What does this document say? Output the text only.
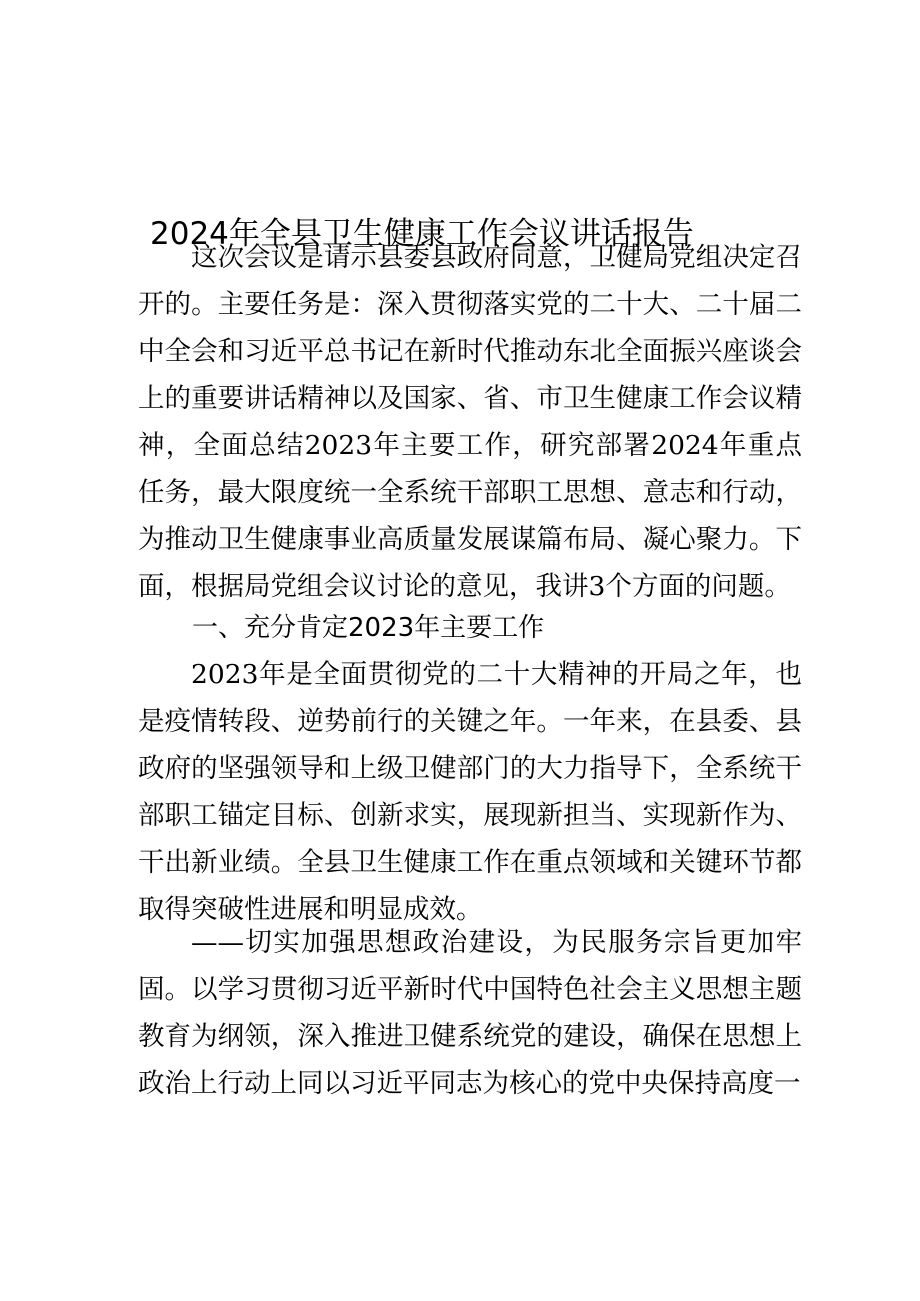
2024年全县卫生健康工作会议讲话报告

这次会议是请示县委县政府同意，卫健局党组决定召开的。主要任务是：深入贯彻落实党的二十大、二十届二中全会和习近平总书记在新时代推动东北全面振兴座谈会上的重要讲话精神以及国家、省、市卫生健康工作会议精神，全面总结2023年主要工作，研究部署2024年重点任务，最大限度统一全系统干部职工思想、意志和行动，为推动卫生健康事业高质量发展谋篇布局、凝心聚力。下面，根据局党组会议讨论的意见，我讲3个方面的问题。

一、充分肯定2023年主要工作

2023年是全面贯彻党的二十大精神的开局之年，也是疫情转段、逆势前行的关键之年。一年来，在县委、县政府的坚强领导和上级卫健部门的大力指导下，全系统干部职工锚定目标、创新求实，展现新担当、实现新作为、干出新业绩。全县卫生健康工作在重点领域和关键环节都取得突破性进展和明显成效。

——切实加强思想政治建设，为民服务宗旨更加牢固。以学习贯彻习近平新时代中国特色社会主义思想主题教育为纲领，深入推进卫健系统党的建设，确保在思想上政治上行动上同以习近平同志为核心的党中央保持高度一
